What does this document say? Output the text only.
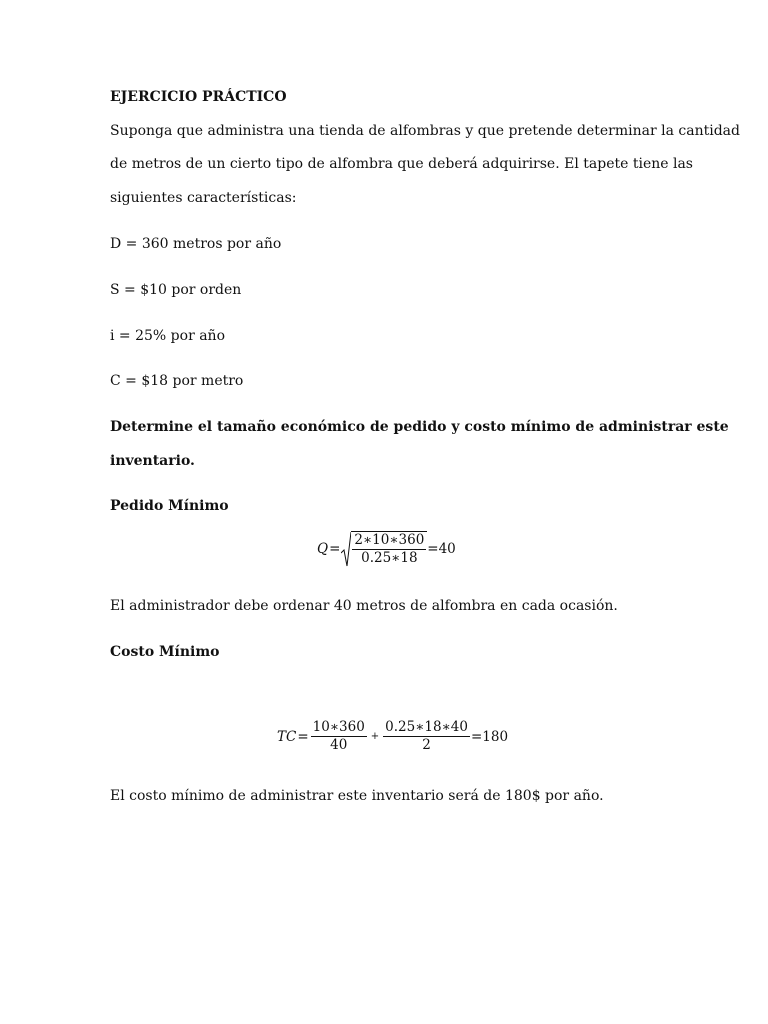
EJERCICIO PRÁCTICO
Suponga que administra una tienda de alfombras y que pretende determinar la cantidad
de metros de un cierto tipo de alfombra que deberá adquirirse. El tapete tiene las
siguientes características:
D = 360 metros por año
S = $10 por orden
i = 25% por año
C = $18 por metro
Determine el tamaño económico de pedido y costo mínimo de administrar este
inventario.
Pedido Mínimo
$Q = \frac{2∗10∗360}{0.25∗18} =40$
El administrador debe ordenar 40 metros de alfombra en cada ocasión.
Costo Mínimo
TC = $\frac{10∗360}{40} + \frac{0.25∗18∗40}{2} =180$
El costo mínimo de administrar este inventario será de 180$ por año.
